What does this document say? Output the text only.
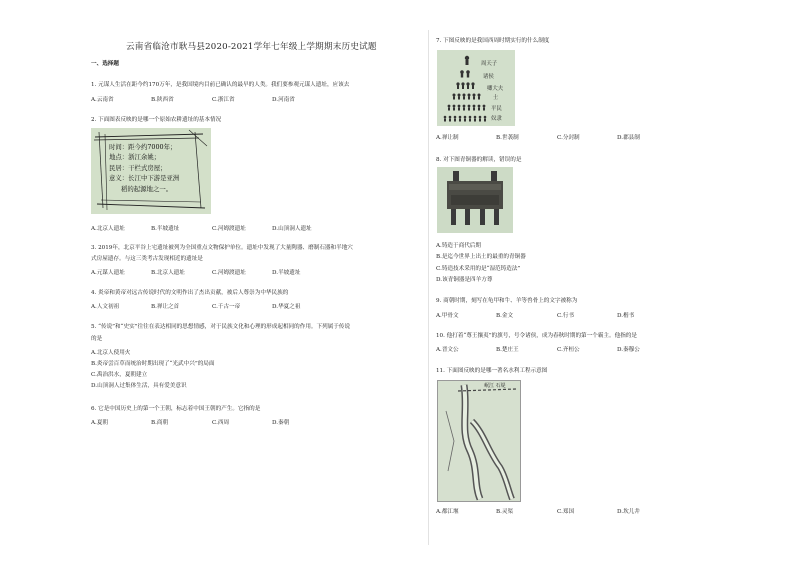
云南省临沧市耿马县2020-2021学年七年级上学期期末历史试题
一、选择题
1. 元谋人生活在距今约170万年，是我国境内目前已确认的最早的人类。我们要参观元谋人遗址，应该去
A.云南省	B.陕西省	C.浙江省	D.河南省
2. 下面图表反映的是哪一个原始农耕遗址的基本情况
时间：距今约7000年；
地点：浙江余姚；
民居：干栏式房屋；
意义：长江中下游是亚洲
稻的起源地之一。
A.北京人遗址	B.半坡遗址	C.河姆渡遗址	D.山顶洞人遗址
3. 2019年，北京平谷上宅遗址被列为全国重点文物保护单位。遗址中发现了大量陶器、磨制石器和半地穴
式房屋遗存。与这三类考古发现相近的遗址是
A.元谋人遗址	B.北京人遗址	C.河姆渡遗址	D.半坡遗址
4. 炎帝和黄帝对远古传说时代的文明作出了杰出贡献，被后人尊崇为中华民族的
A.人文初祖	B.禅让之首	C.千古一帝	D.华夏之祖
5. “传说”和“史实”往往在表达相同的思想情感，对于民族文化和心理的形成起相同的作用。下列属于传说
的是
A.北京人使用火
B.炎帝尝百草而统治时期出现了“光武中兴”的局面
C.禹治洪水，夏朝建立
D.山顶洞人过集体生活，具有爱美意识
6. 它是中国历史上的第一个王朝，标志着中国王朝的产生。它指的是
A.夏朝	B.商朝	C.西周	D.秦朝
7. 下图反映的是我国西周时期实行的什么制度
周天子
诸侯
卿大夫
士
平民
奴隶
A.禅让制	B.世袭制	C.分封制	D.郡县制
8. 对下图青铜器的解读，错误的是
A.铸造于商代后期
B.是迄今世界上出土的最重的青铜器
C.铸造技术采用的是“湿范铸造法”
D.该青铜器是四羊方尊
9. 商朝时期，刻写在龟甲和牛、羊等兽骨上的文字被称为
A.甲骨文	B.金文	C.行书	D.楷书
10. 他打着“尊王攘夷”的旗号，号令诸侯，成为春秋时期的第一个霸主。他指的是
A.晋文公	B.楚庄王	C.齐桓公	D.秦穆公
11. 下面图反映的是哪一著名水利工程示意图
岷江 石堤
A.都江堰	B.灵渠	C.郑国	D.坎儿井
